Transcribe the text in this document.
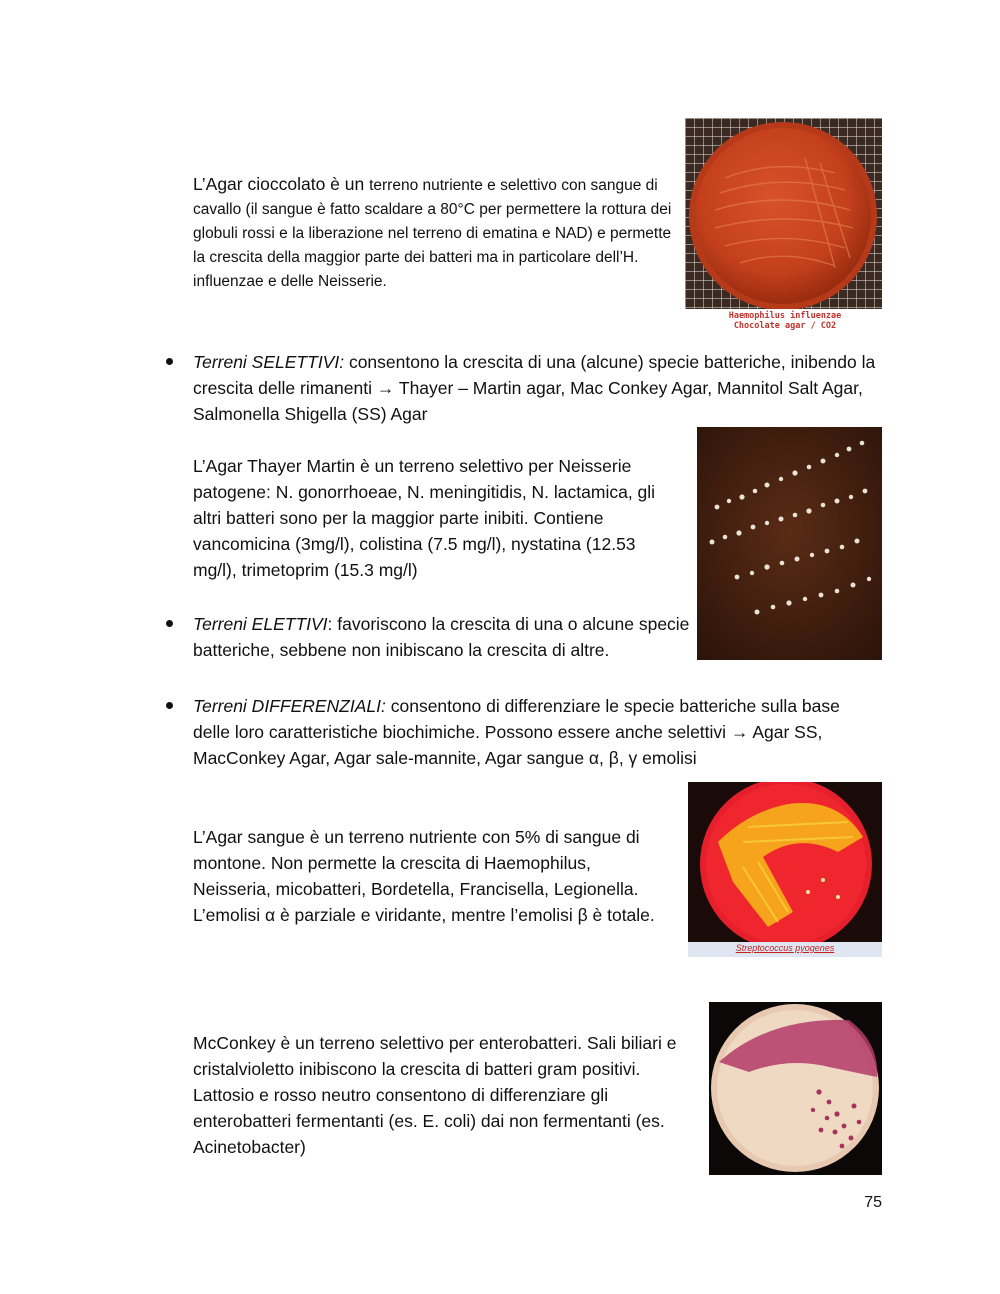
L’Agar cioccolato è un terreno nutriente e selettivo con sangue di cavallo (il sangue è fatto scaldare a 80°C per permettere la rottura dei globuli rossi e la liberazione nel terreno di ematina e NAD) e permette la crescita della maggior parte dei batteri ma in particolare dell’H. influenzae e delle Neisserie.
Haemophilus influenzae
Chocolate agar / CO2
Terreni SELETTIVI: consentono la crescita di una (alcune) specie batteriche, inibendo la crescita delle rimanenti → Thayer – Martin agar, Mac Conkey Agar, Mannitol Salt Agar, Salmonella Shigella (SS) Agar
L’Agar Thayer Martin è un terreno selettivo per Neisserie patogene: N. gonorrhoeae, N. meningitidis, N. lactamica, gli altri batteri sono per la maggior parte inibiti. Contiene vancomicina (3mg/l), colistina (7.5 mg/l), nystatina (12.53 mg/l), trimetoprim (15.3 mg/l)
Terreni ELETTIVI: favoriscono la crescita di una o alcune specie batteriche, sebbene non inibiscano la crescita di altre.
Terreni DIFFERENZIALI: consentono di differenziare le specie batteriche sulla base delle loro caratteristiche biochimiche. Possono essere anche selettivi → Agar SS, MacConkey Agar, Agar sale-mannite, Agar sangue α, β, γ emolisi
L’Agar sangue è un terreno nutriente con 5% di sangue di montone. Non permette la crescita di Haemophilus, Neisseria, micobatteri, Bordetella, Francisella, Legionella. L’emolisi α è parziale e viridante, mentre l’emolisi β è totale.
Streptococcus pyogenes
McConkey è un terreno selettivo per enterobatteri. Sali biliari e cristalvioletto inibiscono la crescita di batteri gram positivi. Lattosio e rosso neutro consentono di differenziare gli enterobatteri fermentanti (es. E. coli) dai non fermentanti (es. Acinetobacter)
75
